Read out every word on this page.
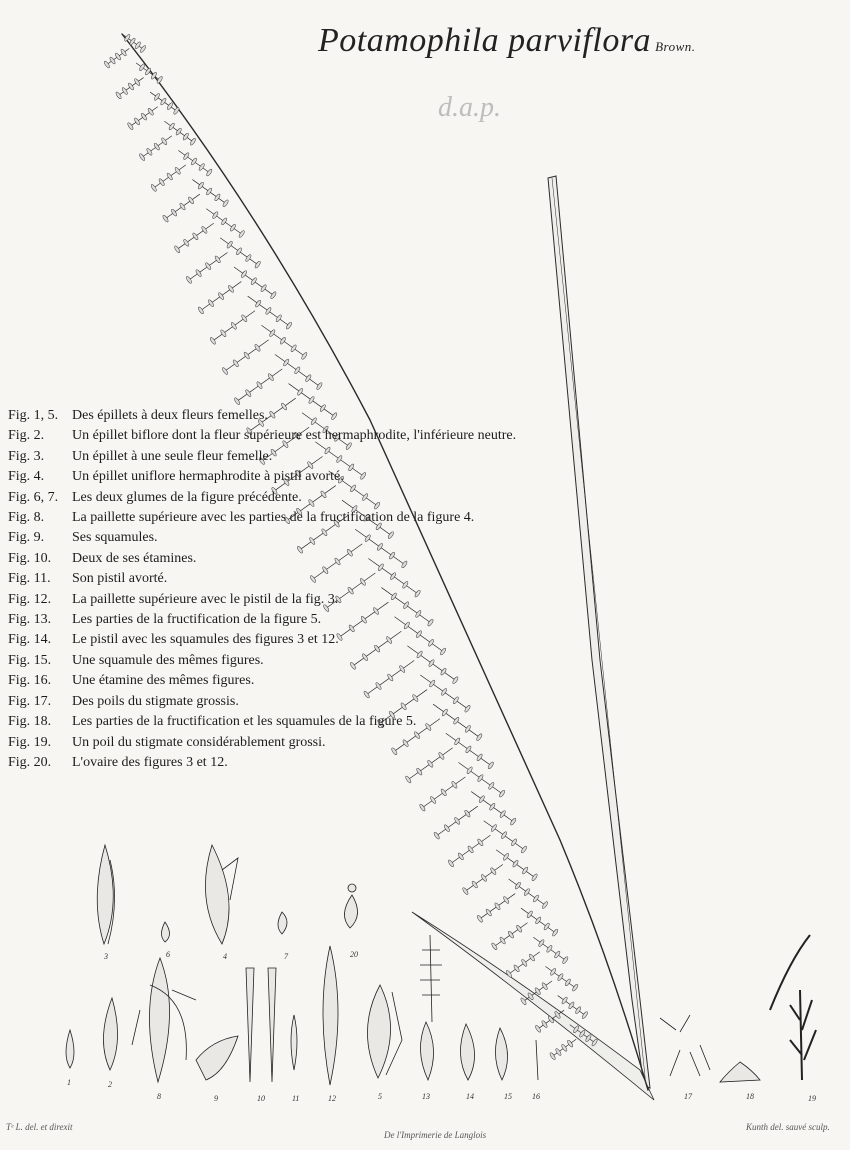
Potamophila parviflora Brown.
d.a.p.
Fig. 1, 5. Des épillets à deux fleurs femelles.
Fig. 2.	Un épillet biflore dont la fleur supérieure est hermaphrodite, l'inférieure neutre.
Fig. 3.	Un épillet à une seule fleur femelle.
Fig. 4.	Un épillet uniflore hermaphrodite à pistil avorté.
Fig. 6, 7. Les deux glumes de la figure précédente.
Fig. 8.	La paillette supérieure avec les parties de la fructification de la figure 4.
Fig. 9.	Ses squamules.
Fig. 10.	Deux de ses étamines.
Fig. 11.	Son pistil avorté.
Fig. 12.	La paillette supérieure avec le pistil de la fig. 3.
Fig. 13.	Les parties de la fructification de la figure 5.
Fig. 14.	Le pistil avec les squamules des figures 3 et 12.
Fig. 15.	Une squamule des mêmes figures.
Fig. 16.	Une étamine des mêmes figures.
Fig. 17.	Des poils du stigmate grossis.
Fig. 18.	Les parties de la fructification et les squamules de la figure 5.
Fig. 19.	Un poil du stigmate considérablement grossi.
Fig. 20.	L'ovaire des figures 3 et 12.
3	6	4	7	20
1	2
8	9	10	11	12	5	13	14	15	16	17	18	19
Tᵉ L. del. et direxit
De l'Imprimerie de Langlois
Kunth del. sauvé sculp.
